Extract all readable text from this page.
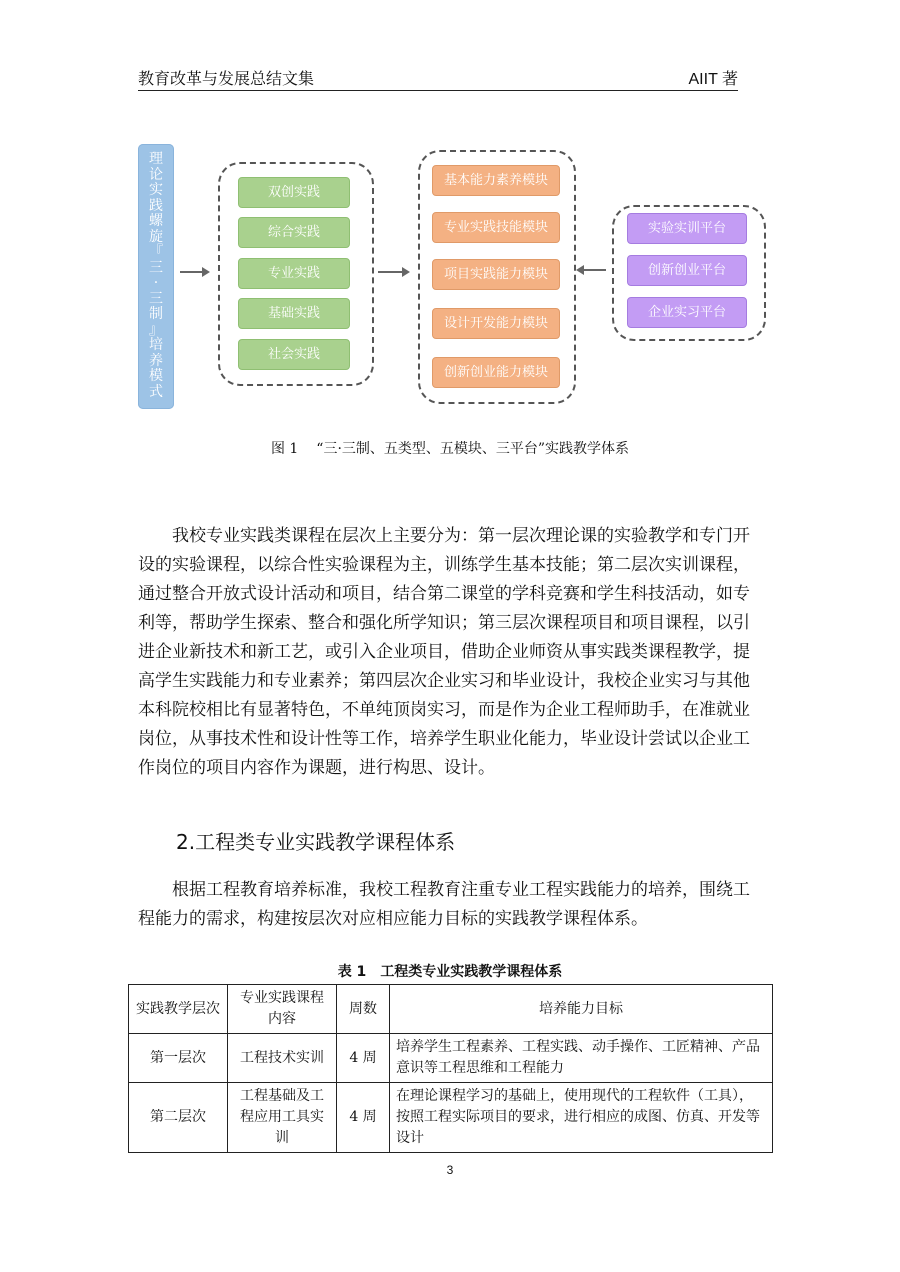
教育改革与发展总结文集	AIIT 著
理
论
实
践
螺
旋
『
三
·
三
制
』
培
养
模
式
双创实践
综合实践
专业实践
基础实践
社会实践
基本能力素养模块
专业实践技能模块
项目实践能力模块
设计开发能力模块
创新创业能力模块
实验实训平台
创新创业平台
企业实习平台
图 1 “三·三制、五类型、五模块、三平台”实践教学体系
我校专业实践类课程在层次上主要分为：第一层次理论课的实验教学和专门开设的实验课程，以综合性实验课程为主，训练学生基本技能；第二层次实训课程，通过整合开放式设计活动和项目，结合第二课堂的学科竞赛和学生科技活动，如专利等，帮助学生探索、整合和强化所学知识；第三层次课程项目和项目课程，以引进企业新技术和新工艺，或引入企业项目，借助企业师资从事实践类课程教学，提高学生实践能力和专业素养；第四层次企业实习和毕业设计，我校企业实习与其他本科院校相比有显著特色，不单纯顶岗实习，而是作为企业工程师助手，在准就业岗位，从事技术性和设计性等工作，培养学生职业化能力，毕业设计尝试以企业工作岗位的项目内容作为课题，进行构思、设计。
2.工程类专业实践教学课程体系
根据工程教育培养标准，我校工程教育注重专业工程实践能力的培养，围绕工程能力的需求，构建按层次对应相应能力目标的实践教学课程体系。
表 1 工程类专业实践教学课程体系
实践教学层次	专业实践课程内容	周数	培养能力目标
第一层次	工程技术实训	4 周	培养学生工程素养、工程实践、动手操作、工匠精神、产品意识等工程思维和工程能力
第二层次	工程基础及工程应用工具实训	4 周	在理论课程学习的基础上，使用现代的工程软件（工具），按照工程实际项目的要求，进行相应的成图、仿真、开发等设计
3
